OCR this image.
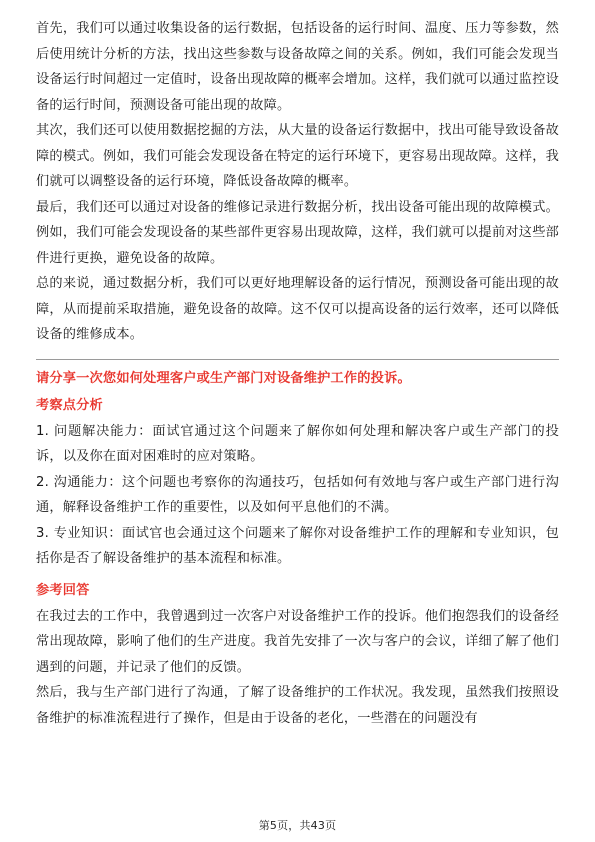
首先，我们可以通过收集设备的运行数据，包括设备的运行时间、温度、压力等参数，然后使用统计分析的方法，找出这些参数与设备故障之间的关系。例如，我们可能会发现当设备运行时间超过一定值时，设备出现故障的概率会增加。这样，我们就可以通过监控设备的运行时间，预测设备可能出现的故障。

其次，我们还可以使用数据挖掘的方法，从大量的设备运行数据中，找出可能导致设备故障的模式。例如，我们可能会发现设备在特定的运行环境下，更容易出现故障。这样，我们就可以调整设备的运行环境，降低设备故障的概率。

最后，我们还可以通过对设备的维修记录进行数据分析，找出设备可能出现的故障模式。例如，我们可能会发现设备的某些部件更容易出现故障，这样，我们就可以提前对这些部件进行更换，避免设备的故障。

总的来说，通过数据分析，我们可以更好地理解设备的运行情况，预测设备可能出现的故障，从而提前采取措施，避免设备的故障。这不仅可以提高设备的运行效率，还可以降低设备的维修成本。

请分享一次您如何处理客户或生产部门对设备维护工作的投诉。

考察点分析

1. 问题解决能力：面试官通过这个问题来了解你如何处理和解决客户或生产部门的投诉，以及你在面对困难时的应对策略。

2. 沟通能力：这个问题也考察你的沟通技巧，包括如何有效地与客户或生产部门进行沟通，解释设备维护工作的重要性，以及如何平息他们的不满。

3. 专业知识：面试官也会通过这个问题来了解你对设备维护工作的理解和专业知识，包括你是否了解设备维护的基本流程和标准。

参考回答

在我过去的工作中，我曾遇到过一次客户对设备维护工作的投诉。他们抱怨我们的设备经常出现故障，影响了他们的生产进度。我首先安排了一次与客户的会议，详细了解了他们遇到的问题，并记录了他们的反馈。

然后，我与生产部门进行了沟通，了解了设备维护的工作状况。我发现，虽然我们按照设备维护的标准流程进行了操作，但是由于设备的老化，一些潜在的问题没有

第5页，共43页
